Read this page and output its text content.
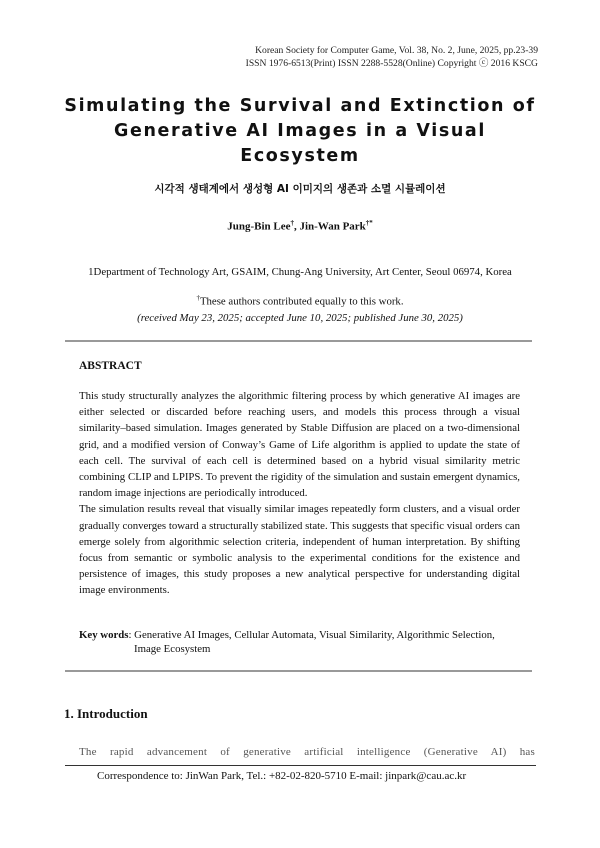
Korean Society for Computer Game, Vol. 38, No. 2, June, 2025, pp.23-39
ISSN 1976-6513(Print) ISSN 2288-5528(Online) Copyright ⓒ 2016 KSCG
Simulating the Survival and Extinction of
Generative AI Images in a Visual
Ecosystem
시각적 생태계에서 생성형 AI 이미지의 생존과 소멸 시뮬레이션
Jung-Bin Lee†, Jin-Wan Park†*
1Department of Technology Art, GSAIM, Chung-Ang University, Art Center, Seoul 06974, Korea
†These authors contributed equally to this work.
(received May 23, 2025; accepted June 10, 2025; published June 30, 2025)
ABSTRACT

This study structurally analyzes the algorithmic filtering process by which generative AI images are either selected or discarded before reaching users, and models this process through a visual similarity–based simulation. Images generated by Stable Diffusion are placed on a two-dimensional grid, and a modified version of Conway’s Game of Life algorithm is applied to update the state of each cell. The survival of each cell is determined based on a hybrid visual similarity metric combining CLIP and LPIPS. To prevent the rigidity of the simulation and sustain emergent dynamics, random image injections are periodically introduced.

The simulation results reveal that visually similar images repeatedly form clusters, and a visual order gradually converges toward a structurally stabilized state. This suggests that specific visual orders can emerge solely from algorithmic selection criteria, independent of human interpretation. By shifting focus from semantic or symbolic analysis to the experimental conditions for the existence and persistence of images, this study proposes a new analytical perspective for understanding digital image environments.

Key words: Generative AI Images, Cellular Automata, Visual Similarity, Algorithmic Selection,
Image Ecosystem
1. Introduction
The rapid advancement of generative artificial intelligence (Generative AI) has
Correspondence to: JinWan Park, Tel.: +82-02-820-5710 E-mail: jinpark@cau.ac.kr
